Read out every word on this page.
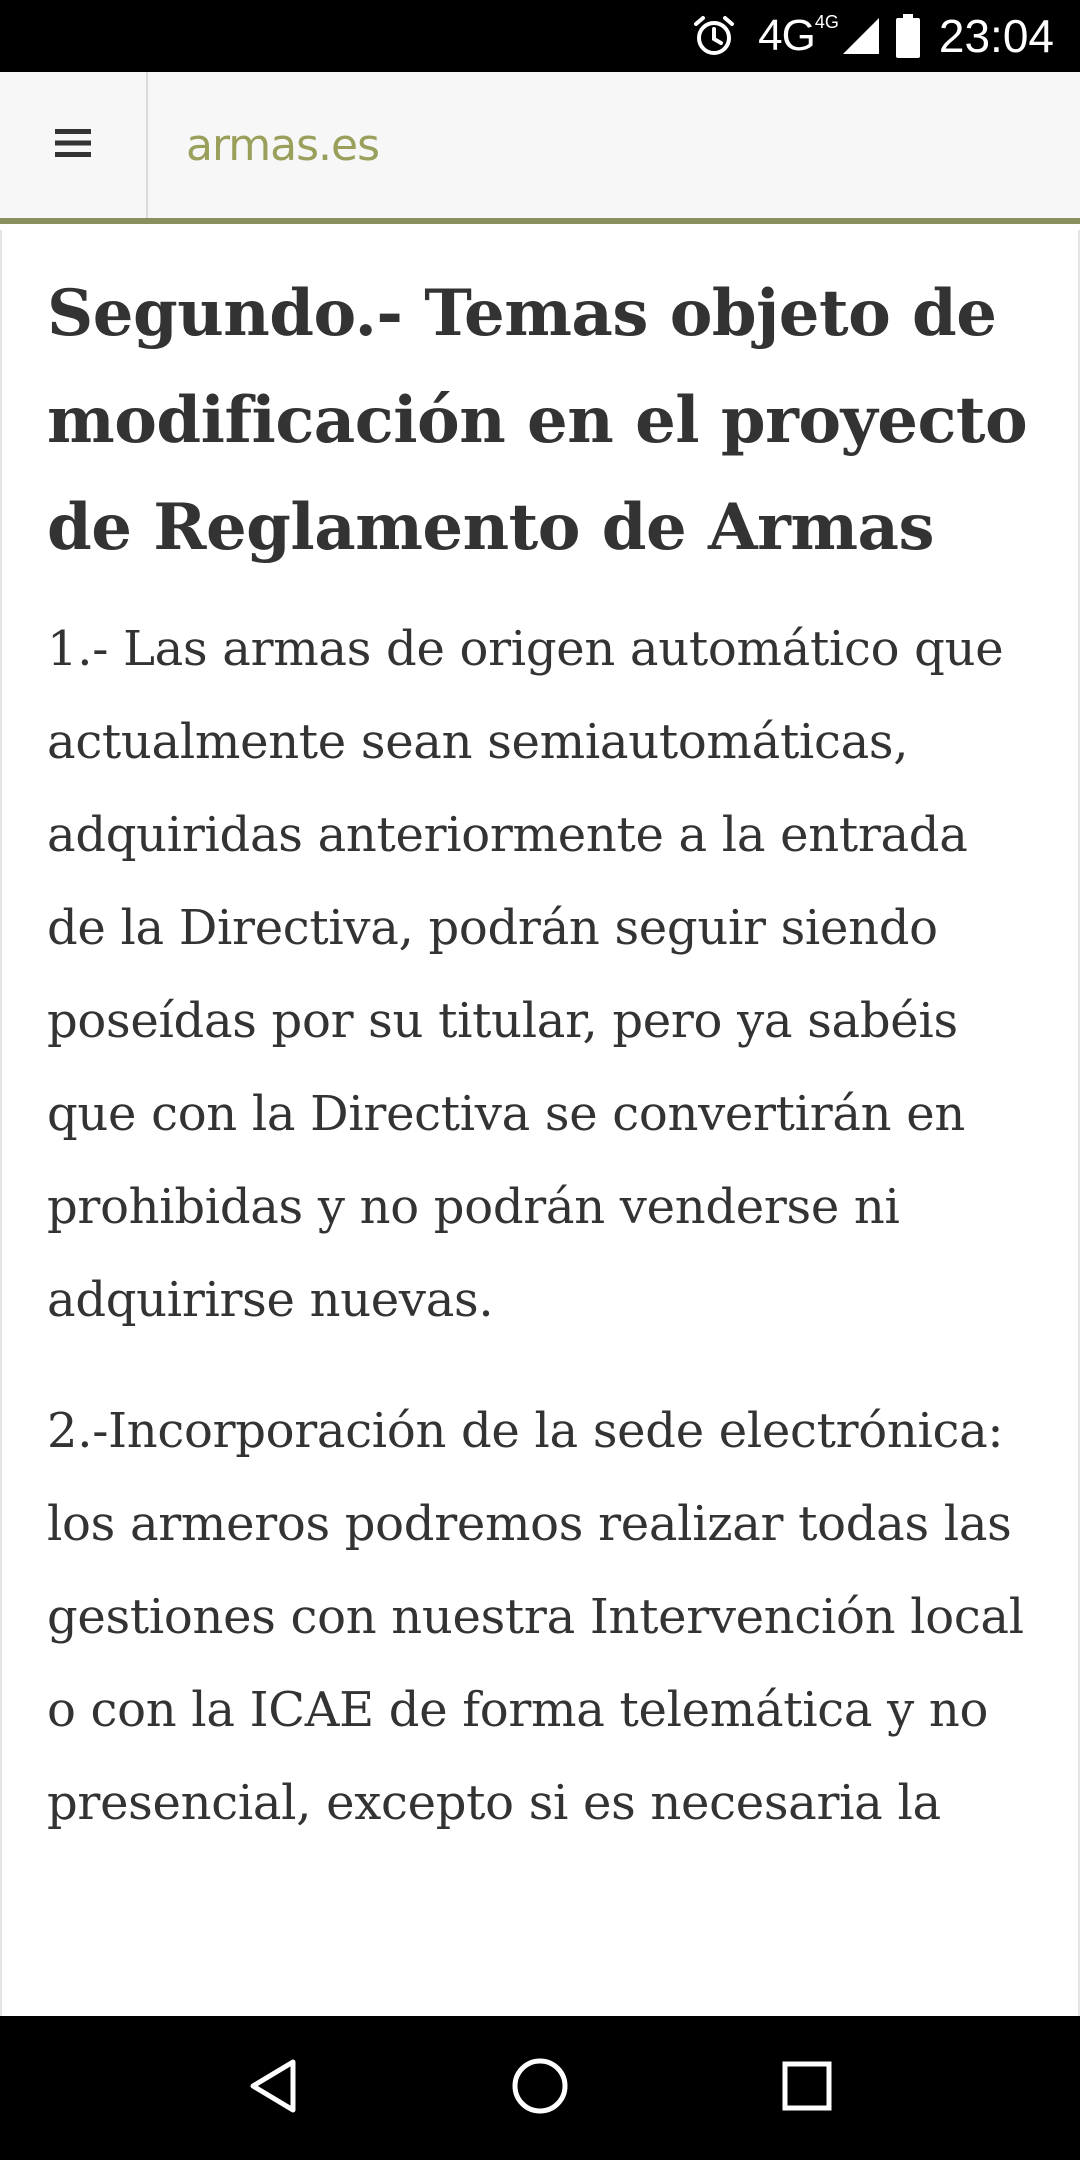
4G 4G 23:04
armas.es
Segundo.- Temas objeto de modificación en el proyecto de Reglamento de Armas

1.- Las armas de origen automático que actualmente sean semiautomáticas, adquiridas anteriormente a la entrada de la Directiva, podrán seguir siendo poseídas por su titular, pero ya sabéis que con la Directiva se convertirán en prohibidas y no podrán venderse ni adquirirse nuevas.

2.-Incorporación de la sede electrónica: los armeros podremos realizar todas las gestiones con nuestra Intervención local o con la ICAE de forma telemática y no presencial, excepto si es necesaria la
